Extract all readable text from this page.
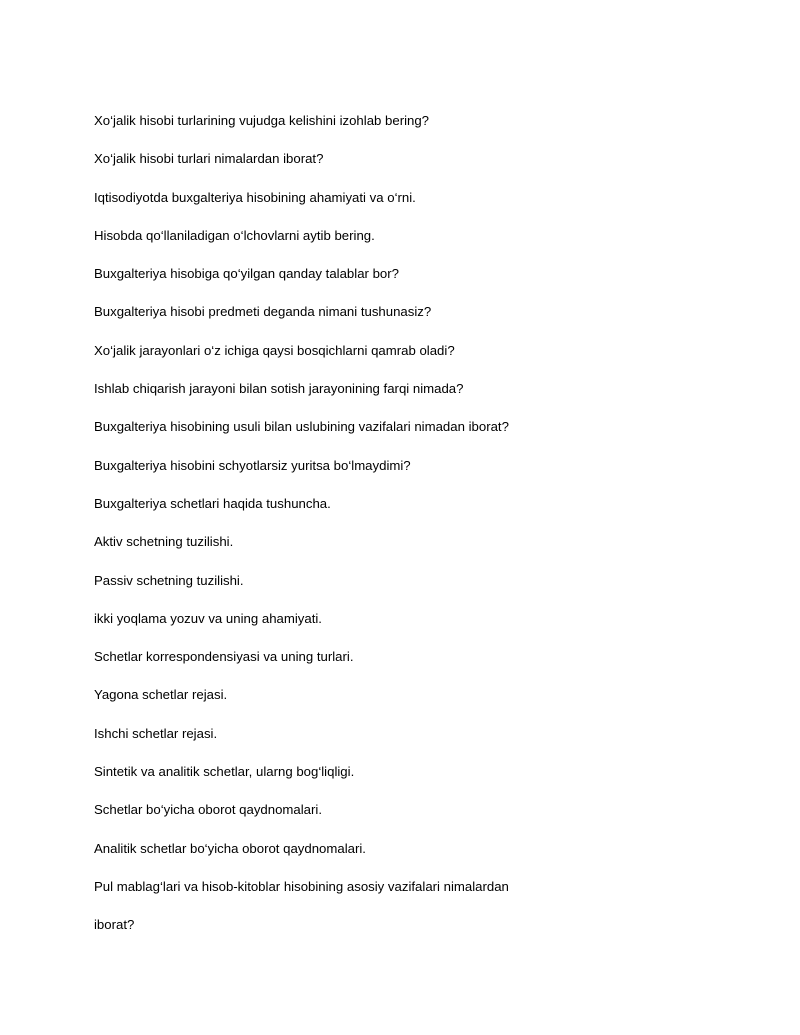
Xo‘jalik hisobi turlarining vujudga kelishini izohlab bering?
Xo‘jalik hisobi turlari nimalardan iborat?
Iqtisodiyotda buxgalteriya hisobining ahamiyati va o‘rni.
Hisobda qo‘llaniladigan o‘lchovlarni aytib bering.
Buxgalteriya hisobiga qo‘yilgan qanday talablar bor?
Buxgalteriya hisobi predmeti deganda nimani tushunasiz?
Xo‘jalik jarayonlari o‘z ichiga qaysi bosqichlarni qamrab oladi?
Ishlab chiqarish jarayoni bilan sotish jarayonining farqi nimada?
Buxgalteriya hisobining usuli bilan uslubining vazifalari nimadan iborat?
Buxgalteriya hisobini schyotlarsiz yuritsa bo‘lmaydimi?
Buxgalteriya schetlari haqida tushuncha.
Aktiv schetning tuzilishi.
Passiv schetning tuzilishi.
ikki yoqlama yozuv va uning ahamiyati.
Schetlar korrespondensiyasi va uning turlari.
Yagona schetlar rejasi.
Ishchi schetlar rejasi.
Sintetik va analitik schetlar, ularng bog‘liqligi.
Schetlar bo‘yicha oborot qaydnomalari.
Analitik schetlar bo‘yicha oborot qaydnomalari.
Pul mablag‘lari va hisob-kitoblar hisobining asosiy vazifalari nimalardan
iborat?
